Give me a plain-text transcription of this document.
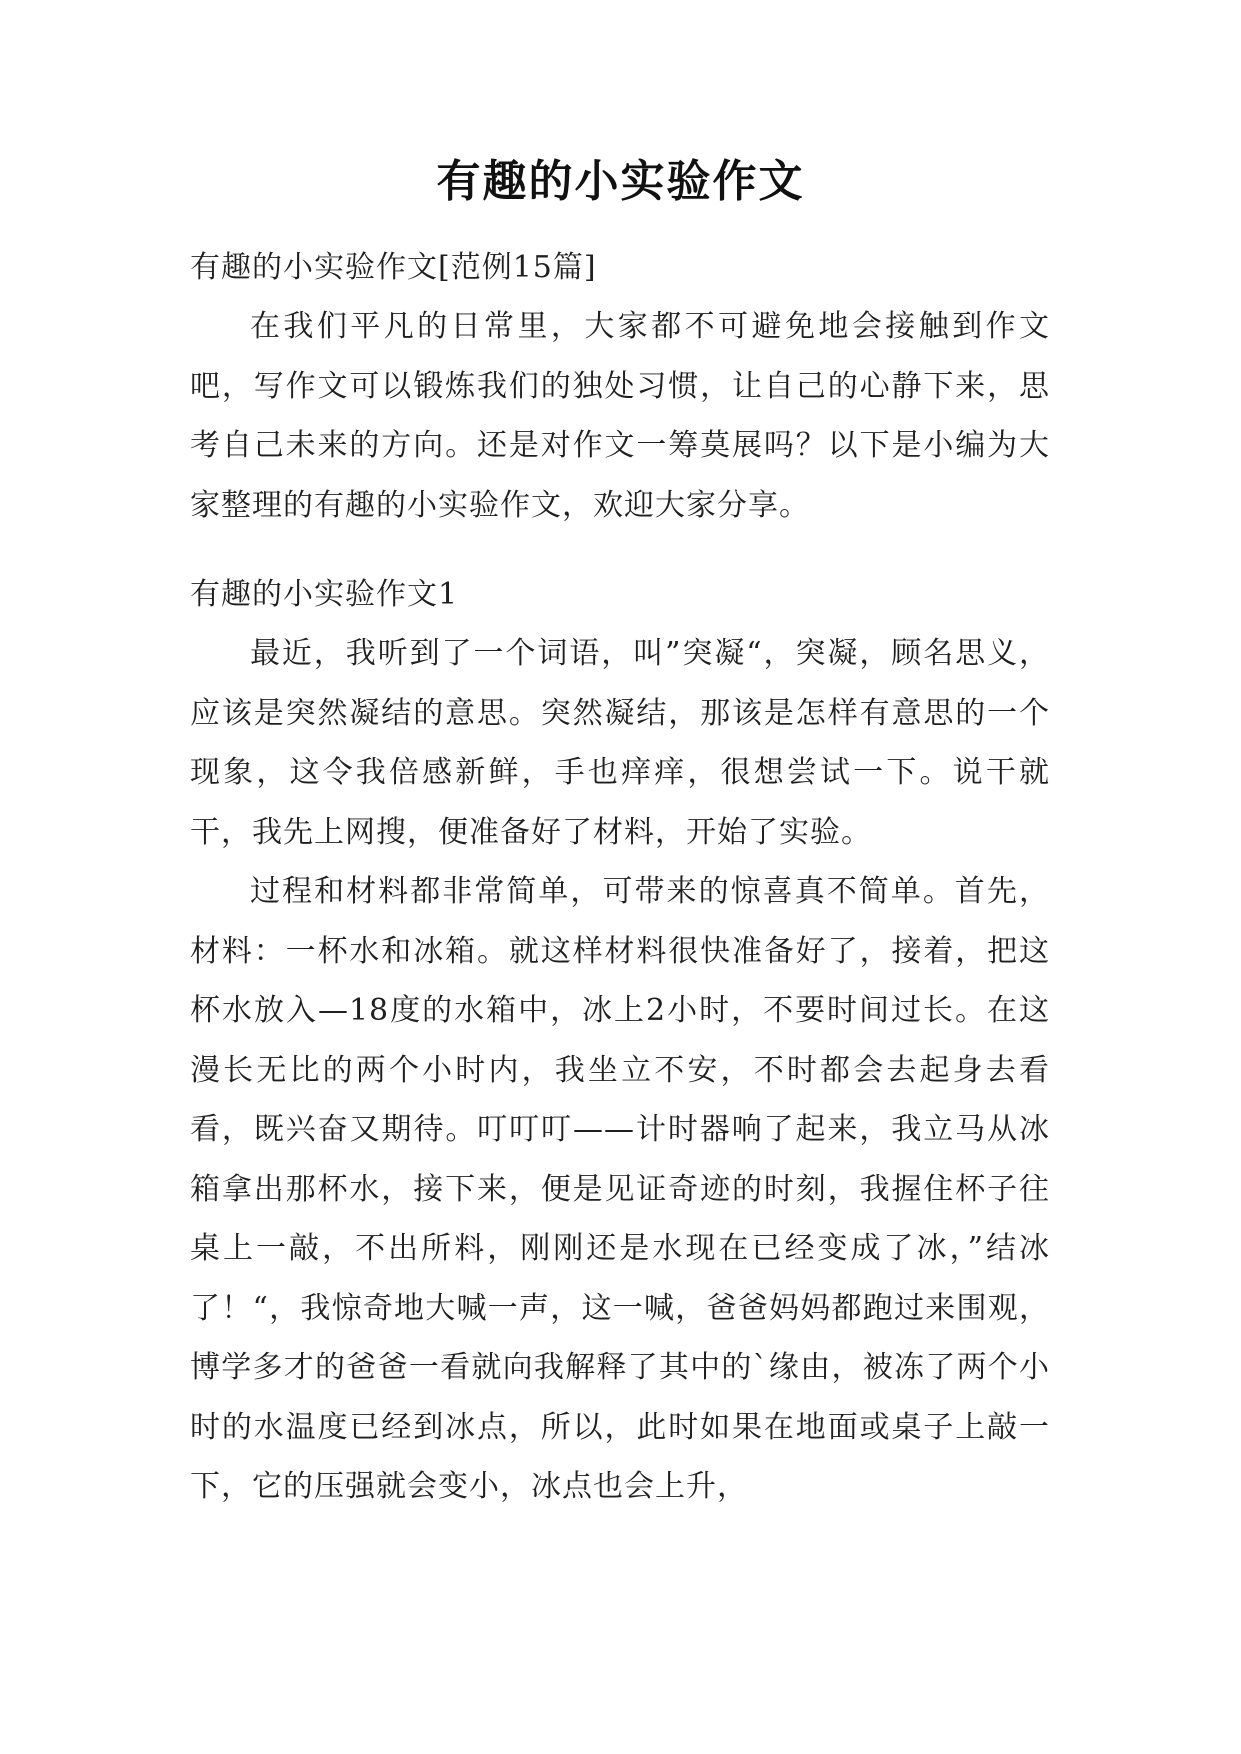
有趣的小实验作文

有趣的小实验作文[范例15篇]

在我们平凡的日常里，大家都不可避免地会接触到作文吧，写作文可以锻炼我们的独处习惯，让自己的心静下来，思考自己未来的方向。还是对作文一筹莫展吗？以下是小编为大家整理的有趣的小实验作文，欢迎大家分享。

有趣的小实验作文1

最近，我听到了一个词语，叫”突凝“，突凝，顾名思义，应该是突然凝结的意思。突然凝结，那该是怎样有意思的一个现象，这令我倍感新鲜，手也痒痒，很想尝试一下。说干就干，我先上网搜，便准备好了材料，开始了实验。

过程和材料都非常简单，可带来的惊喜真不简单。首先，材料：一杯水和冰箱。就这样材料很快准备好了，接着，把这杯水放入—18度的水箱中，冰上2小时，不要时间过长。在这漫长无比的两个小时内，我坐立不安，不时都会去起身去看看，既兴奋又期待。叮叮叮——计时器响了起来，我立马从冰箱拿出那杯水，接下来，便是见证奇迹的时刻，我握住杯子往桌上一敲，不出所料，刚刚还是水现在已经变成了冰，”结冰了！“，我惊奇地大喊一声，这一喊，爸爸妈妈都跑过来围观，博学多才的爸爸一看就向我解释了其中的`缘由，被冻了两个小时的水温度已经到冰点，所以，此时如果在地面或桌子上敲一下，它的压强就会变小，冰点也会上升，
